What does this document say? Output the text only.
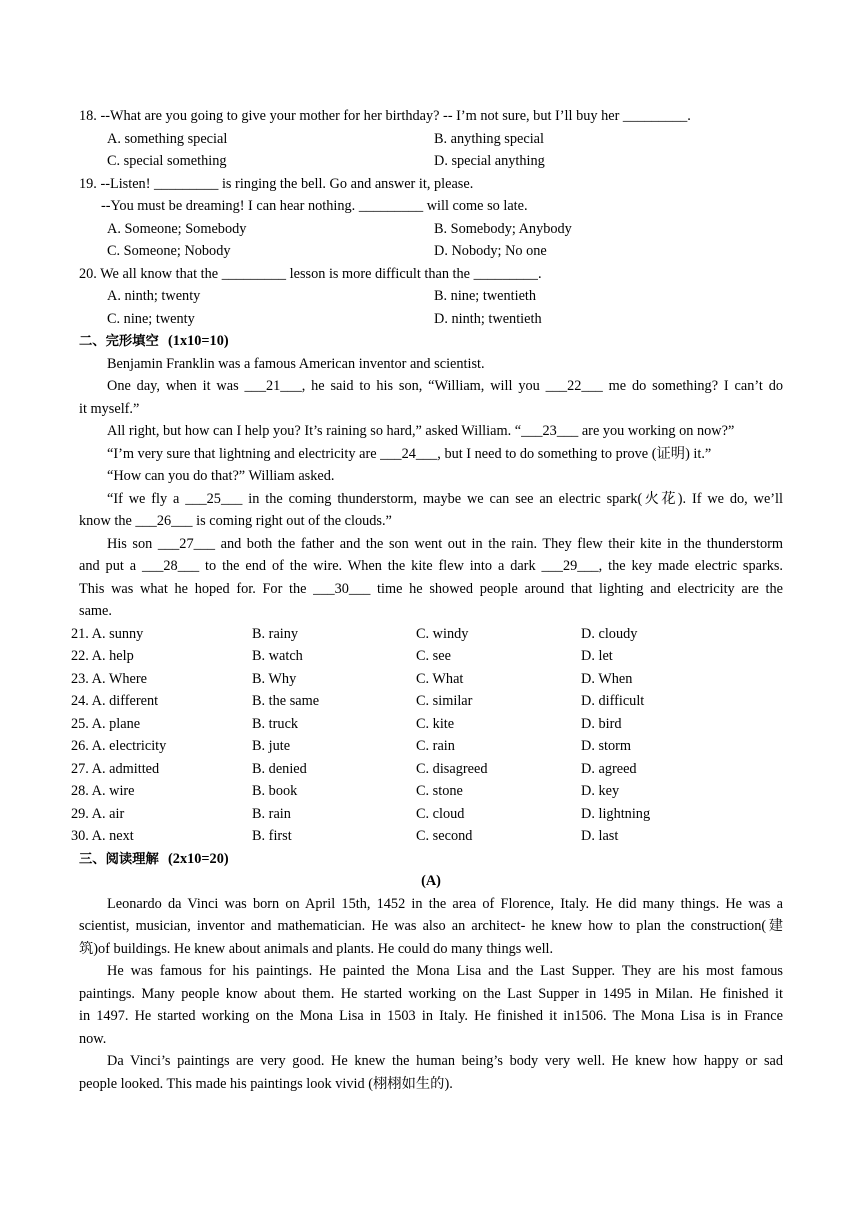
18. --What are you going to give your mother for her birthday? -- I’m not sure, but I’ll buy her _________.
A. something special	B. anything special
C. special something	D. special anything
19. --Listen! _________ is ringing the bell. Go and answer it, please.
--You must be dreaming! I can hear nothing. _________ will come so late.
A. Someone; Somebody	B. Somebody; Anybody
C. Someone; Nobody	D. Nobody; No one
20. We all know that the _________ lesson is more difficult than the _________.
A. ninth; twenty	B. nine; twentieth
C. nine; twenty	D. ninth; twentieth
二、完形填空 (1x10=10)
Benjamin Franklin was a famous American inventor and scientist.
One day, when it was ___21___, he said to his son, “William, will you ___22___ me do something? I can’t do
it myself.”
All right, but how can I help you? It’s raining so hard,” asked William. “___23___ are you working on now?”
“I’m very sure that lightning and electricity are ___24___, but I need to do something to prove (证明) it.”
“How can you do that?” William asked.
“If we fly a ___25___ in the coming thunderstorm, maybe we can see an electric spark(火花). If we do, we’ll
know the ___26___ is coming right out of the clouds.”
His son ___27___ and both the father and the son went out in the rain. They flew their kite in the thunderstorm
and put a ___28___ to the end of the wire. When the kite flew into a dark ___29___, the key made electric sparks.
This was what he hoped for. For the ___30___ time he showed people around that lighting and electricity are the
same.
21. A. sunny	B. rainy	C. windy	D. cloudy
22. A. help	B. watch	C. see	D. let
23. A. Where	B. Why	C. What	D. When
24. A. different	B. the same	C. similar	D. difficult
25. A. plane	B. truck	C. kite	D. bird
26. A. electricity	B. jute	C. rain	D. storm
27. A. admitted	B. denied	C. disagreed	D. agreed
28. A. wire	B. book	C. stone	D. key
29. A. air	B. rain	C. cloud	D. lightning
30. A. next	B. first	C. second	D. last
三、阅读理解 (2x10=20)
(A)
Leonardo da Vinci was born on April 15th, 1452 in the area of Florence, Italy. He did many things. He was a
scientist, musician, inventor and mathematician. He was also an architect- he knew how to plan the construction(建
筑)of buildings. He knew about animals and plants. He could do many things well.
He was famous for his paintings. He painted the Mona Lisa and the Last Supper. They are his most famous
paintings. Many people know about them. He started working on the Last Supper in 1495 in Milan. He finished it
in 1497. He started working on the Mona Lisa in 1503 in Italy. He finished it in1506. The Mona Lisa is in France
now.
Da Vinci’s paintings are very good. He knew the human being’s body very well. He knew how happy or sad
people looked. This made his paintings look vivid (栩栩如生的).
